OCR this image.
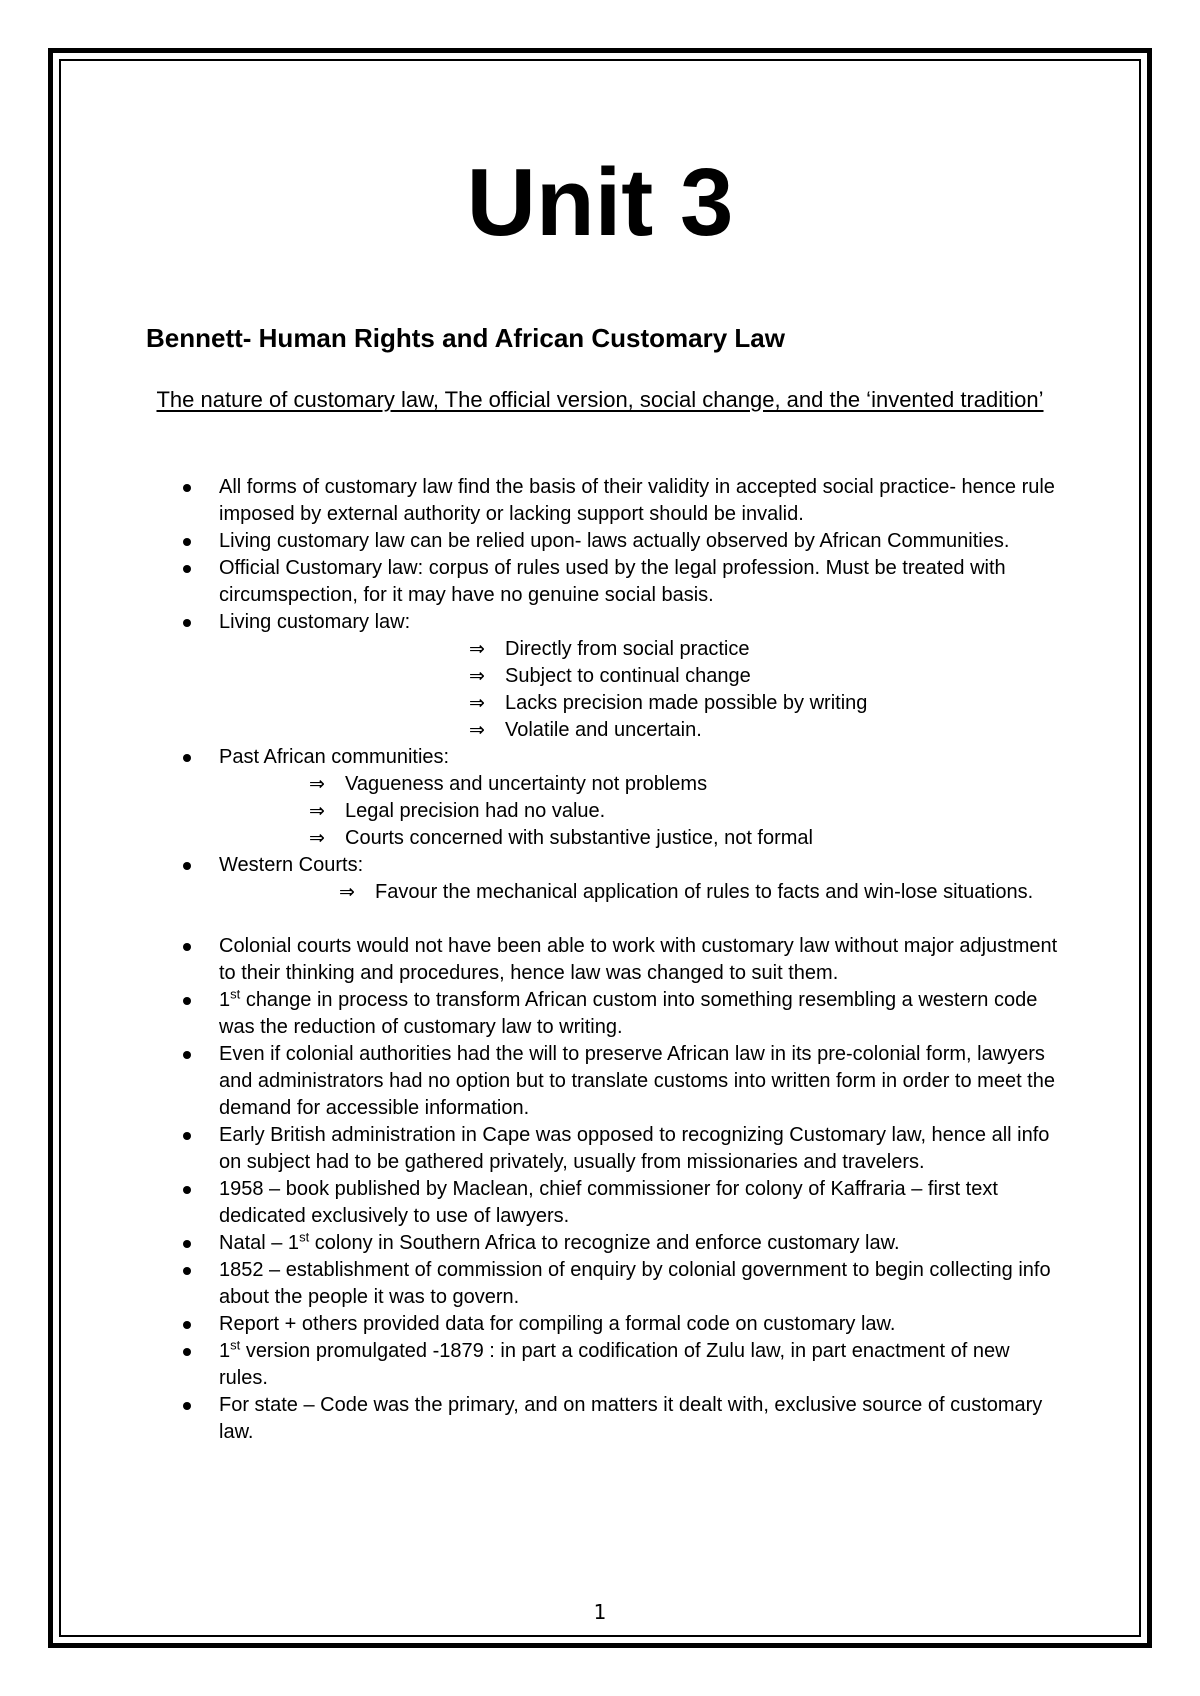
Unit 3
Bennett- Human Rights and African Customary Law
The nature of customary law, The official version, social change, and the ‘invented tradition’
All forms of customary law find the basis of their validity in accepted social practice- hence rule imposed by external authority or lacking support should be invalid.
Living customary law can be relied upon- laws actually observed by African Communities.
Official Customary law: corpus of rules used by the legal profession. Must be treated with circumspection, for it may have no genuine social basis.
Living customary law:
⇒ Directly from social practice
⇒ Subject to continual change
⇒ Lacks precision made possible by writing
⇒ Volatile and uncertain.
Past African communities:
⇒ Vagueness and uncertainty not problems
⇒ Legal precision had no value.
⇒ Courts concerned with substantive justice, not formal
Western Courts:
⇒ Favour the mechanical application of rules to facts and win-lose situations.
Colonial courts would not have been able to work with customary law without major adjustment to their thinking and procedures, hence law was changed to suit them.
1st change in process to transform African custom into something resembling a western code was the reduction of customary law to writing.
Even if colonial authorities had the will to preserve African law in its pre-colonial form, lawyers and administrators had no option but to translate customs into written form in order to meet the demand for accessible information.
Early British administration in Cape was opposed to recognizing Customary law, hence all info on subject had to be gathered privately, usually from missionaries and travelers.
1958 – book published by Maclean, chief commissioner for colony of Kaffraria – first text dedicated exclusively to use of lawyers.
Natal – 1st colony in Southern Africa to recognize and enforce customary law.
1852 – establishment of commission of enquiry by colonial government to begin collecting info about the people it was to govern.
Report + others provided data for compiling a formal code on customary law.
1st version promulgated -1879 : in part a codification of Zulu law, in part enactment of new rules.
For state – Code was the primary, and on matters it dealt with, exclusive source of customary law.
1
